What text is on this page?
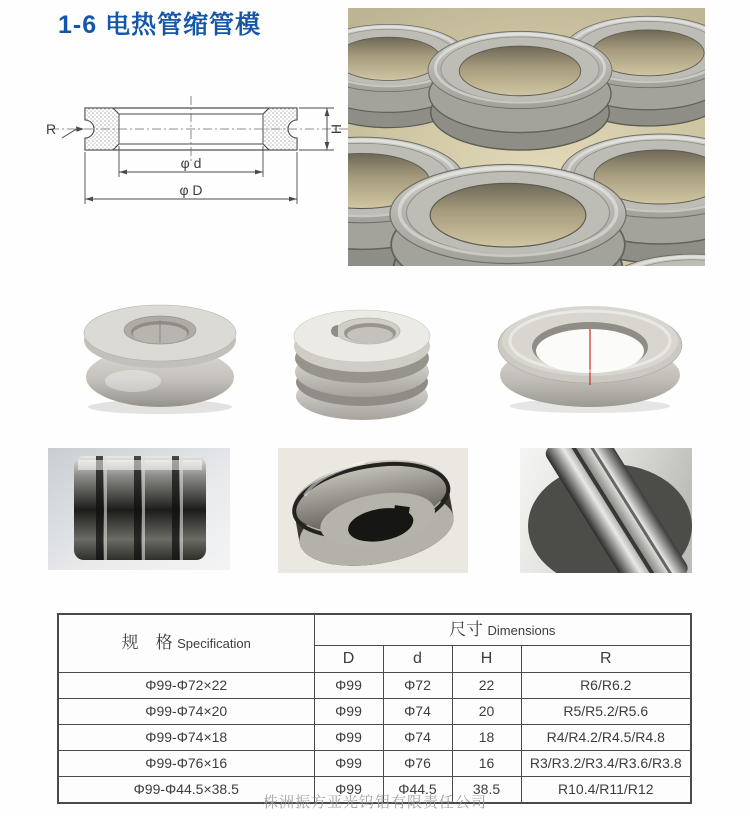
1-6 电热管缩管模
R
φ d
φ D
H
规　格 Specification	尺寸 Dimensions			
	D	d	H	R
Φ99-Φ72×22	Φ99	Φ72	22	R6/R6.2
Φ99-Φ74×20	Φ99	Φ74	20	R5/R5.2/R5.6
Φ99-Φ74×18	Φ99	Φ74	18	R4/R4.2/R4.5/R4.8
Φ99-Φ76×16	Φ99	Φ76	16	R3/R3.2/R3.4/R3.6/R3.8
Φ99-Φ44.5×38.5	Φ99	Φ44.5	38.5	R10.4/R11/R12
株洲振方亚光钨钼有限责任公司
